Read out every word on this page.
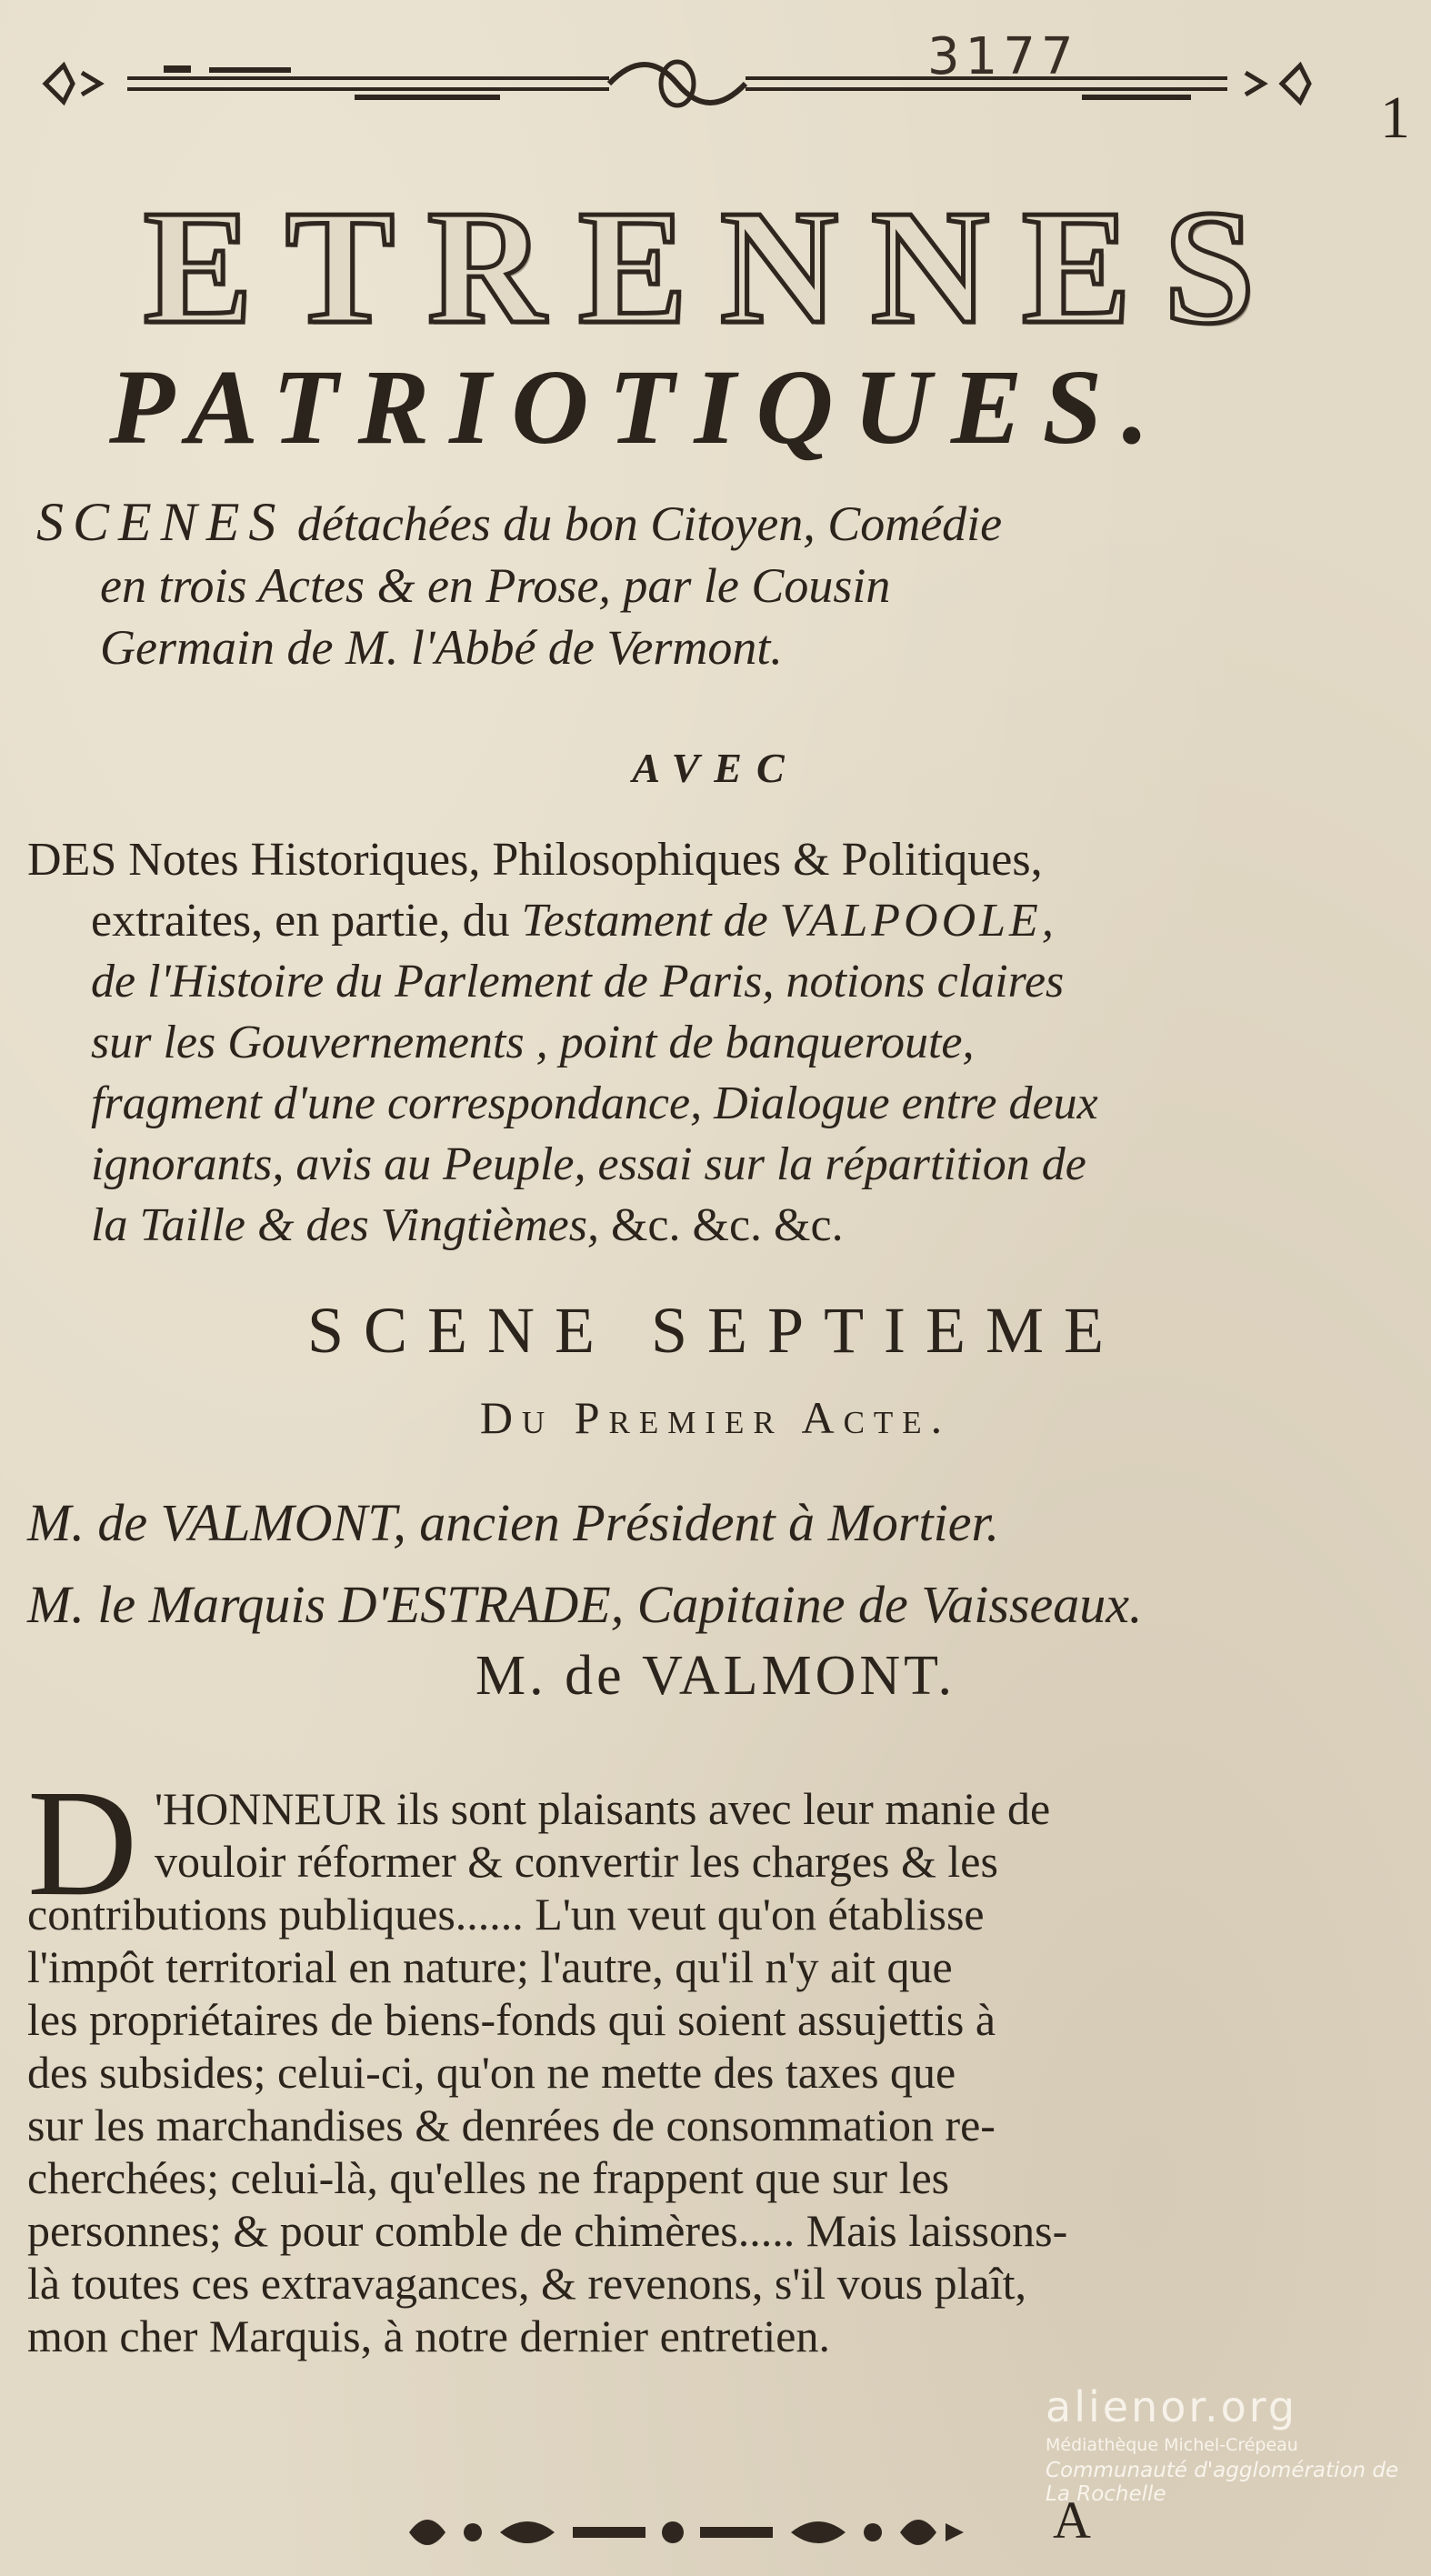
3177
1
ETRENNES
PATRIOTIQUES.
SCENES détachées du bon Citoyen, Comédie
en trois Actes & en Prose, par le Cousin
Germain de M. l'Abbé de Vermont.
AVEC
DES Notes Historiques, Philosophiques & Politiques,
extraites, en partie, du Testament de VALPOOLE,
de l'Histoire du Parlement de Paris, notions claires
sur les Gouvernements , point de banqueroute,
fragment d'une correspondance, Dialogue entre deux
ignorants, avis au Peuple, essai sur la répartition de
la Taille & des Vingtièmes, &c. &c. &c.
SCENE SEPTIEME
Du Premier Acte.
M. de VALMONT, ancien Président à Mortier.
M. le Marquis D'ESTRADE, Capitaine de Vaisseaux.
M. de VALMONT.
D 'HONNEUR ils sont plaisants avec leur manie de
vouloir réformer & convertir les charges & les
contributions publiques...... L'un veut qu'on établisse
l'impôt territorial en nature; l'autre, qu'il n'y ait que
les propriétaires de biens-fonds qui soient assujettis à
des subsides; celui-ci, qu'on ne mette des taxes que
sur les marchandises & denrées de consommation re-
cherchées; celui-là, qu'elles ne frappent que sur les
personnes; & pour comble de chimères..... Mais laissons-
là toutes ces extravagances, & revenons, s'il vous plaît,
mon cher Marquis, à notre dernier entretien.
A
alienor.org
Médiathèque Michel-Crépeau
Communauté d'agglomération de La Rochelle
